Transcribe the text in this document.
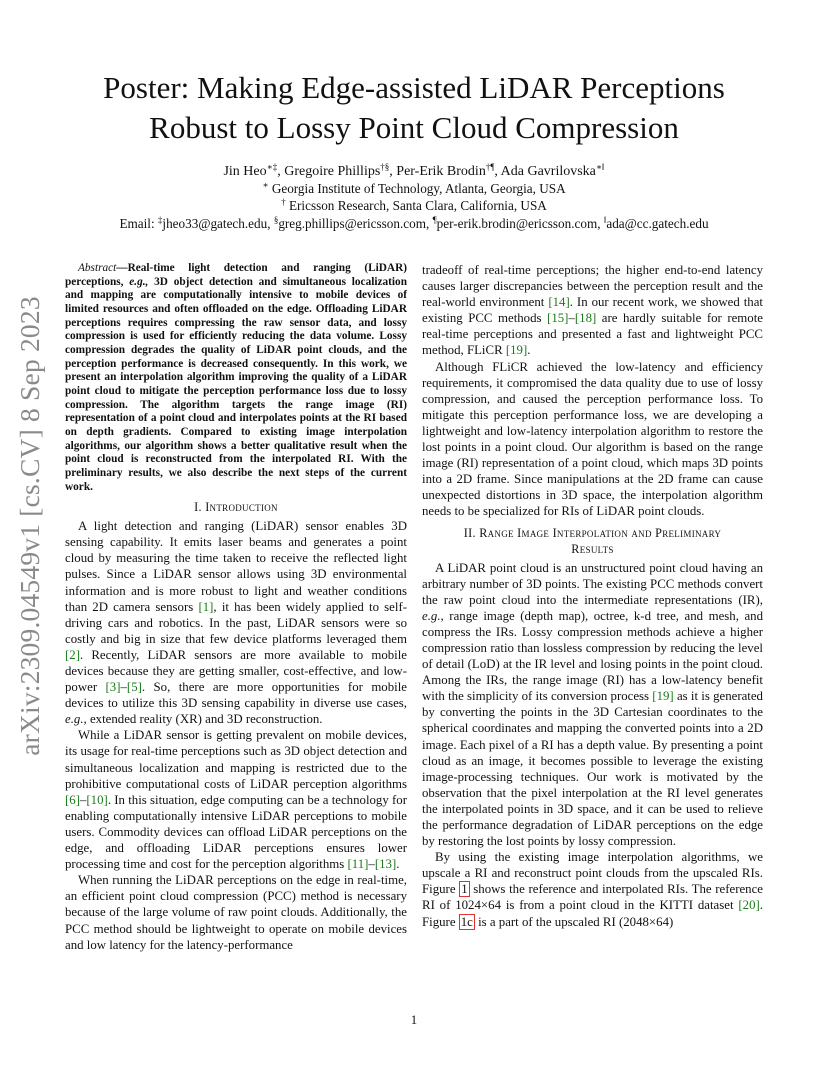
arXiv:2309.04549v1 [cs.CV] 8 Sep 2023
Poster: Making Edge-assisted LiDAR Perceptions
Robust to Lossy Point Cloud Compression
Jin Heo∗‡, Gregoire Phillips†§, Per-Erik Brodin†¶, Ada Gavrilovska∗‖
∗ Georgia Institute of Technology, Atlanta, Georgia, USA
† Ericsson Research, Santa Clara, California, USA
Email: ‡jheo33@gatech.edu, §greg.phillips@ericsson.com, ¶per-erik.brodin@ericsson.com, ‖ada@cc.gatech.edu

Abstract—Real-time light detection and ranging (LiDAR) perceptions, e.g., 3D object detection and simultaneous localization and mapping are computationally intensive to mobile devices of limited resources and often offloaded on the edge. Offloading LiDAR perceptions requires compressing the raw sensor data, and lossy compression is used for efficiently reducing the data volume. Lossy compression degrades the quality of LiDAR point clouds, and the perception performance is decreased consequently. In this work, we present an interpolation algorithm improving the quality of a LiDAR point cloud to mitigate the perception performance loss due to lossy compression. The algorithm targets the range image (RI) representation of a point cloud and interpolates points at the RI based on depth gradients. Compared to existing image interpolation algorithms, our algorithm shows a better qualitative result when the point cloud is reconstructed from the interpolated RI. With the preliminary results, we also describe the next steps of the current work.

I. Introduction

A light detection and ranging (LiDAR) sensor enables 3D sensing capability. It emits laser beams and generates a point cloud by measuring the time taken to receive the reflected light pulses. Since a LiDAR sensor allows using 3D environmental information and is more robust to light and weather conditions than 2D camera sensors [1], it has been widely applied to self-driving cars and robotics. In the past, LiDAR sensors were so costly and big in size that few device platforms leveraged them [2]. Recently, LiDAR sensors are more available to mobile devices because they are getting smaller, cost-effective, and low-power [3]–[5]. So, there are more opportunities for mobile devices to utilize this 3D sensing capability in diverse use cases, e.g., extended reality (XR) and 3D reconstruction.

While a LiDAR sensor is getting prevalent on mobile devices, its usage for real-time perceptions such as 3D object detection and simultaneous localization and mapping is restricted due to the prohibitive computational costs of LiDAR perception algorithms [6]–[10]. In this situation, edge computing can be a technology for enabling computationally intensive LiDAR perceptions to mobile users. Commodity devices can offload LiDAR perceptions on the edge, and offloading LiDAR perceptions ensures lower processing time and cost for the perception algorithms [11]–[13].

When running the LiDAR perceptions on the edge in real-time, an efficient point cloud compression (PCC) method is necessary because of the large volume of raw point clouds. Additionally, the PCC method should be lightweight to operate on mobile devices and low latency for the latency-performance

tradeoff of real-time perceptions; the higher end-to-end latency causes larger discrepancies between the perception result and the real-world environment [14]. In our recent work, we showed that existing PCC methods [15]–[18] are hardly suitable for remote real-time perceptions and presented a fast and lightweight PCC method, FLiCR [19].

Although FLiCR achieved the low-latency and efficiency requirements, it compromised the data quality due to use of lossy compression, and caused the perception performance loss. To mitigate this perception performance loss, we are developing a lightweight and low-latency interpolation algorithm to restore the lost points in a point cloud. Our algorithm is based on the range image (RI) representation of a point cloud, which maps 3D points into a 2D frame. Since manipulations at the 2D frame can cause unexpected distortions in 3D space, the interpolation algorithm needs to be specialized for RIs of LiDAR point clouds.

II. Range Image Interpolation and Preliminary
Results

A LiDAR point cloud is an unstructured point cloud having an arbitrary number of 3D points. The existing PCC methods convert the raw point cloud into the intermediate representations (IR), e.g., range image (depth map), octree, k-d tree, and mesh, and compress the IRs. Lossy compression methods achieve a higher compression ratio than lossless compression by reducing the level of detail (LoD) at the IR level and losing points in the point cloud. Among the IRs, the range image (RI) has a low-latency benefit with the simplicity of its conversion process [19] as it is generated by converting the points in the 3D Cartesian coordinates to the spherical coordinates and mapping the converted points into a 2D image. Each pixel of a RI has a depth value. By presenting a point cloud as an image, it becomes possible to leverage the existing image-processing techniques. Our work is motivated by the observation that the pixel interpolation at the RI level generates the interpolated points in 3D space, and it can be used to relieve the performance degradation of LiDAR perceptions on the edge by restoring the lost points by lossy compression.

By using the existing image interpolation algorithms, we upscale a RI and reconstruct point clouds from the upscaled RIs. Figure 1 shows the reference and interpolated RIs. The reference RI of 1024×64 is from a point cloud in the KITTI dataset [20]. Figure 1c is a part of the upscaled RI (2048×64)

1
